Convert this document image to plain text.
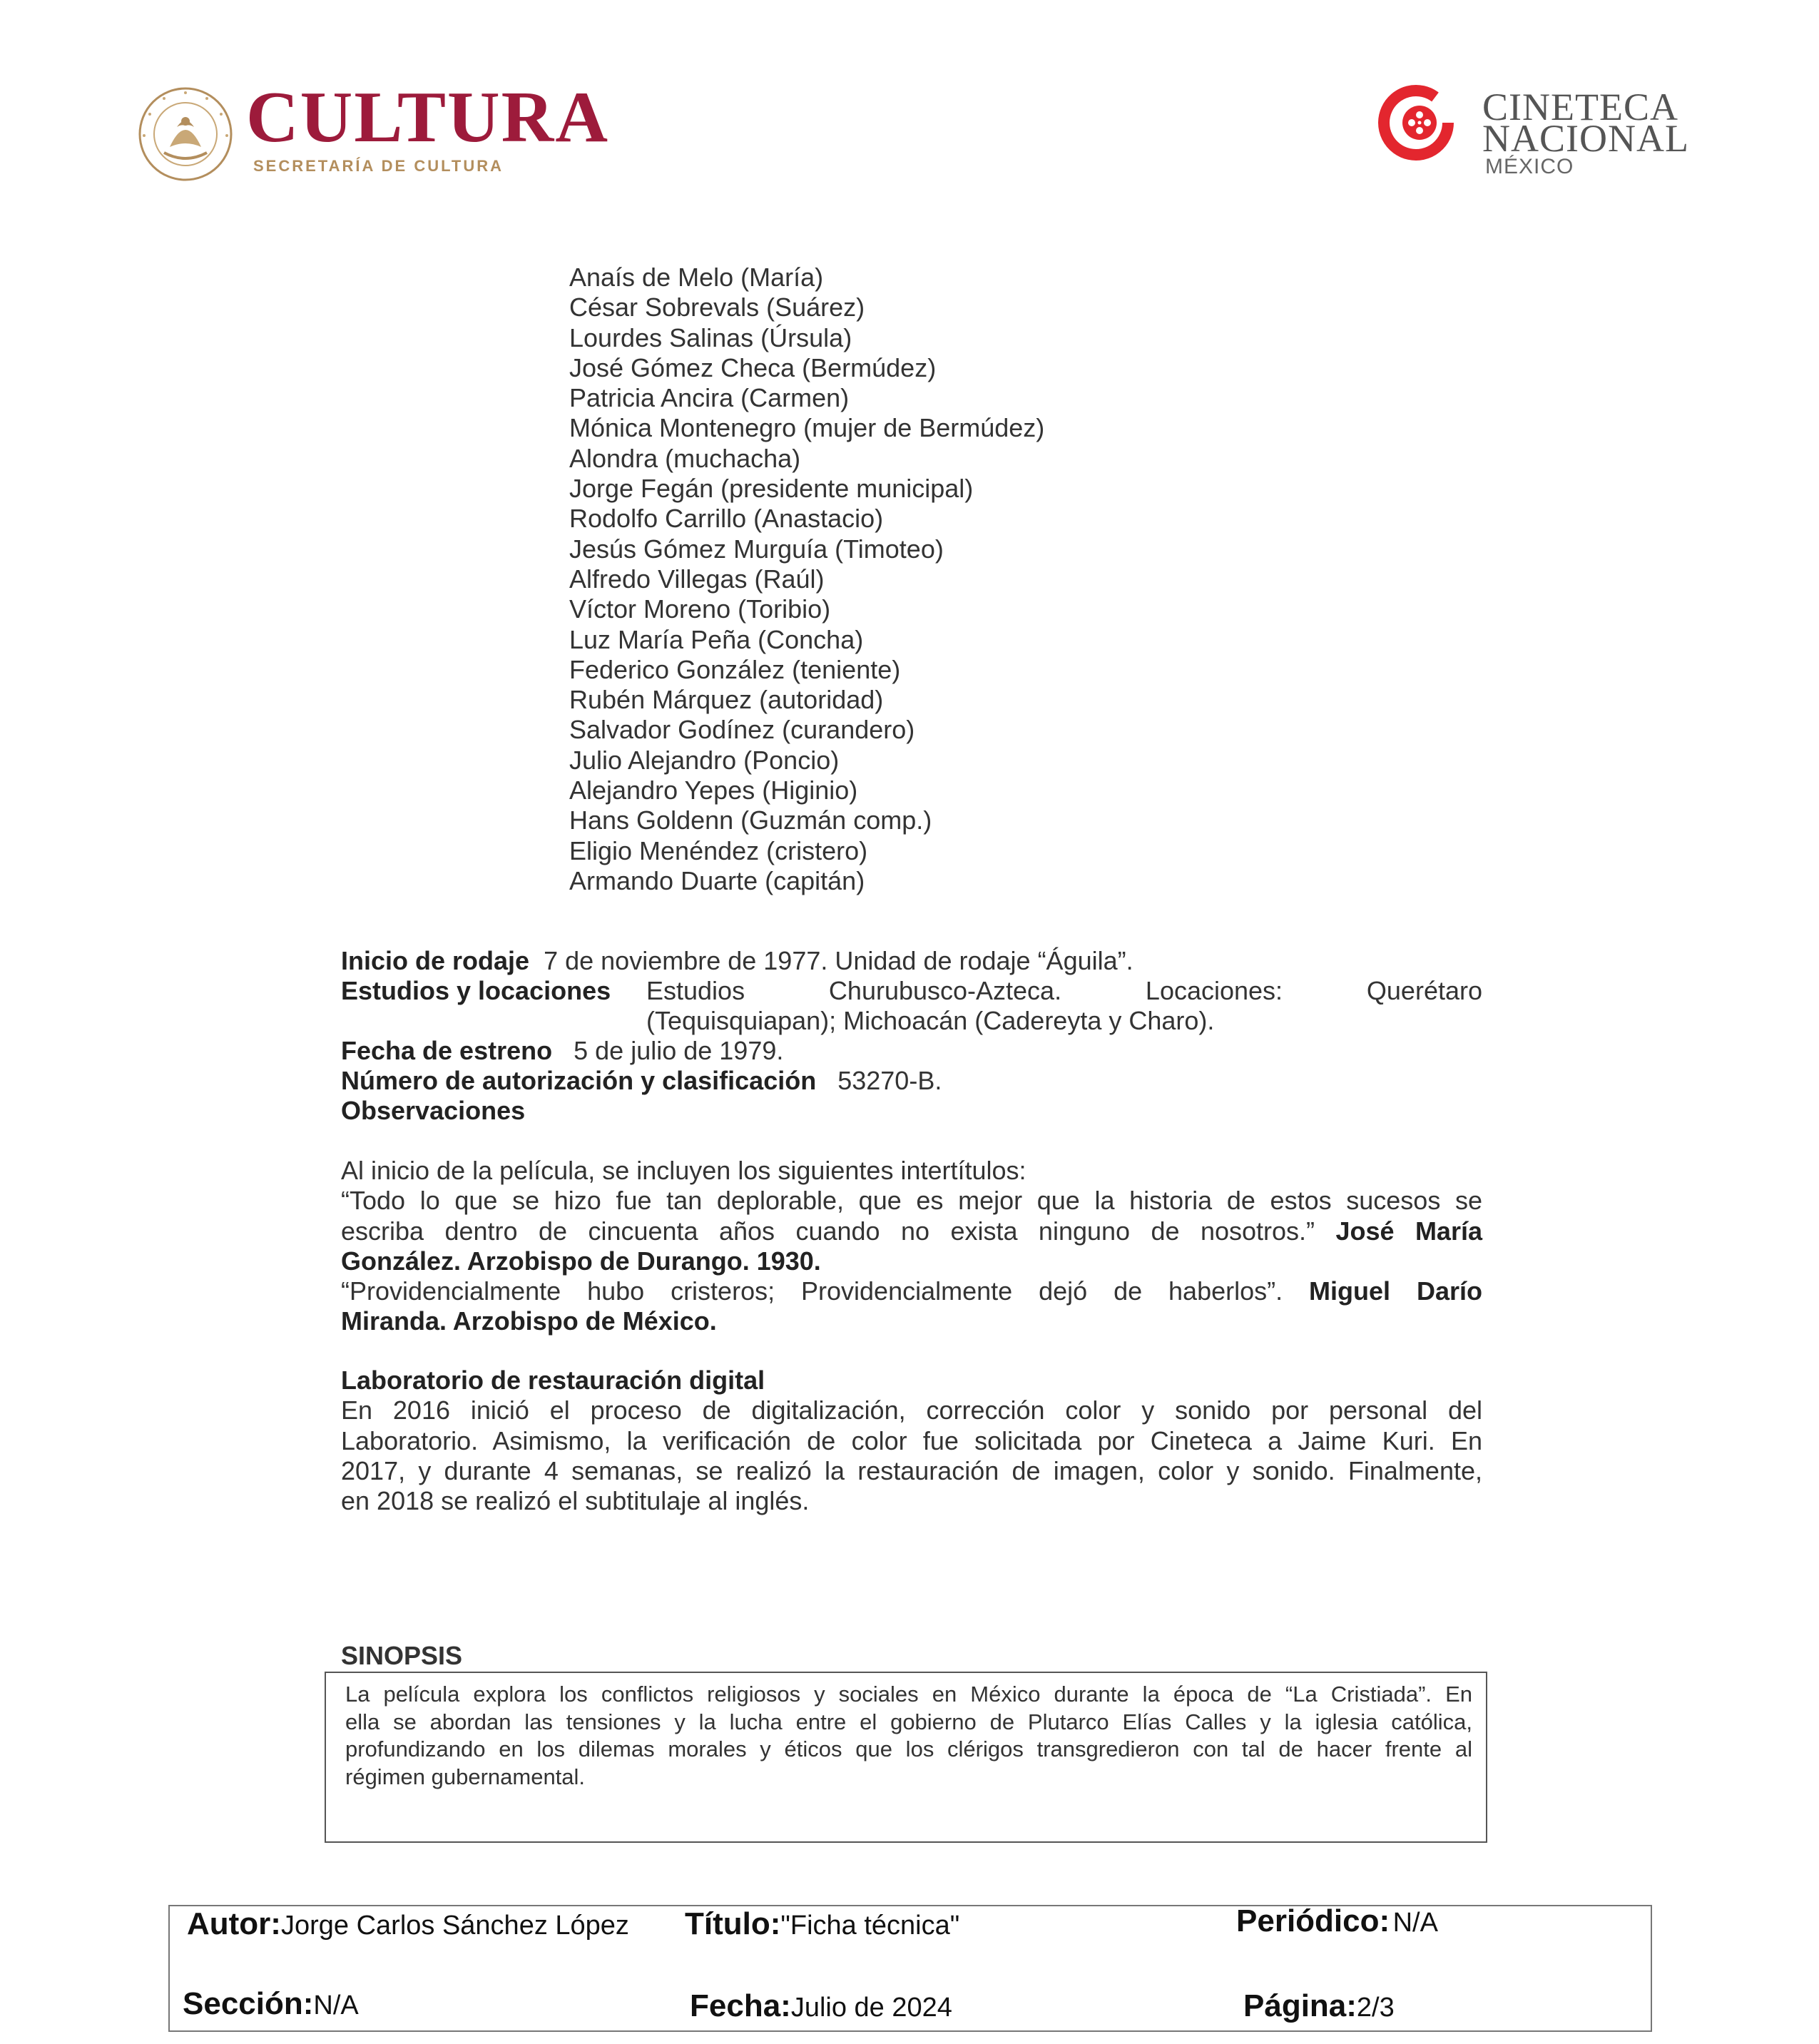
CULTURA
SECRETARÍA DE CULTURA
CINETECA
NACIONAL
MÉXICO
Anaís de Melo (María)
César Sobrevals (Suárez)
Lourdes Salinas (Úrsula)
José Gómez Checa (Bermúdez)
Patricia Ancira (Carmen)
Mónica Montenegro (mujer de Bermúdez)
Alondra (muchacha)
Jorge Fegán (presidente municipal)
Rodolfo Carrillo (Anastacio)
Jesús Gómez Murguía (Timoteo)
Alfredo Villegas (Raúl)
Víctor Moreno (Toribio)
Luz María Peña (Concha)
Federico González (teniente)
Rubén Márquez (autoridad)
Salvador Godínez (curandero)
Julio Alejandro (Poncio)
Alejandro Yepes (Higinio)
Hans Goldenn (Guzmán comp.)
Eligio Menéndez (cristero)
Armando Duarte (capitán)
Inicio de rodaje 7 de noviembre de 1977. Unidad de rodaje “Águila”.
Estudios y locaciones Estudios Churubusco-Azteca. Locaciones: Querétaro
(Tequisquiapan); Michoacán (Cadereyta y Charo).
Fecha de estreno 5 de julio de 1979.
Número de autorización y clasificación 53270-B.
Observaciones
Al inicio de la película, se incluyen los siguientes intertítulos:
“Todo lo que se hizo fue tan deplorable, que es mejor que la historia de estos sucesos se
escriba dentro de cincuenta años cuando no exista ninguno de nosotros.” José María
González. Arzobispo de Durango. 1930.
“Providencialmente hubo cristeros; Providencialmente dejó de haberlos”. Miguel Darío
Miranda. Arzobispo de México.
Laboratorio de restauración digital
En 2016 inició el proceso de digitalización, corrección color y sonido por personal del
Laboratorio. Asimismo, la verificación de color fue solicitada por Cineteca a Jaime Kuri. En
2017, y durante 4 semanas, se realizó la restauración de imagen, color y sonido. Finalmente,
en 2018 se realizó el subtitulaje al inglés.
SINOPSIS
La película explora los conflictos religiosos y sociales en México durante la época de “La Cristiada”. En
ella se abordan las tensiones y la lucha entre el gobierno de Plutarco Elías Calles y la iglesia católica,
profundizando en los dilemas morales y éticos que los clérigos transgredieron con tal de hacer frente al
régimen gubernamental.
Autor:Jorge Carlos Sánchez López Título:"Ficha técnica"	Periódico: N/A
Sección:N/A	Fecha:Julio de 2024	Página:2/3
